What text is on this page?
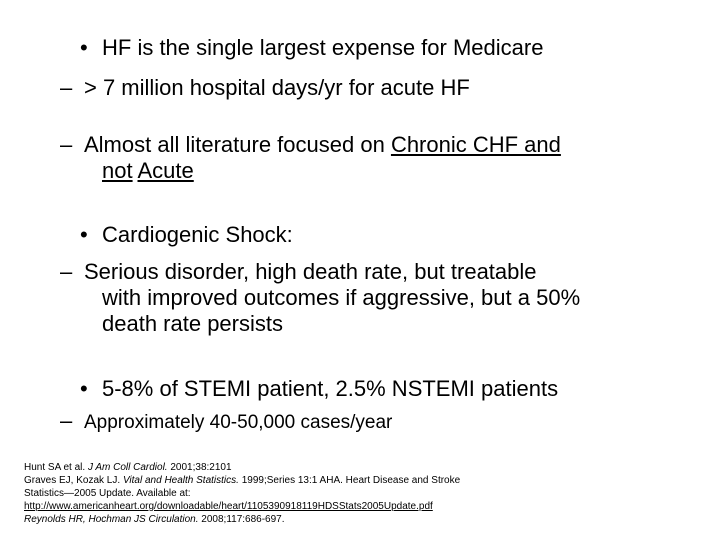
• HF is the single largest expense for Medicare
– > 7 million hospital days/yr for acute HF
– Almost all literature focused on Chronic CHF and
not Acute
• Cardiogenic Shock:
– Serious disorder, high death rate, but treatable
with improved outcomes if aggressive, but a 50%
death rate persists
• 5-8% of STEMI patient, 2.5% NSTEMI patients
– Approximately 40-50,000 cases/year
Hunt SA et al. J Am Coll Cardiol. 2001;38:2101
Graves EJ, Kozak LJ. Vital and Health Statistics. 1999;Series 13:1 AHA. Heart Disease and Stroke
Statistics—2005 Update. Available at:
http://www.americanheart.org/downloadable/heart/1105390918119HDSStats2005Update.pdf
Reynolds HR, Hochman JS Circulation. 2008;117:686-697.
